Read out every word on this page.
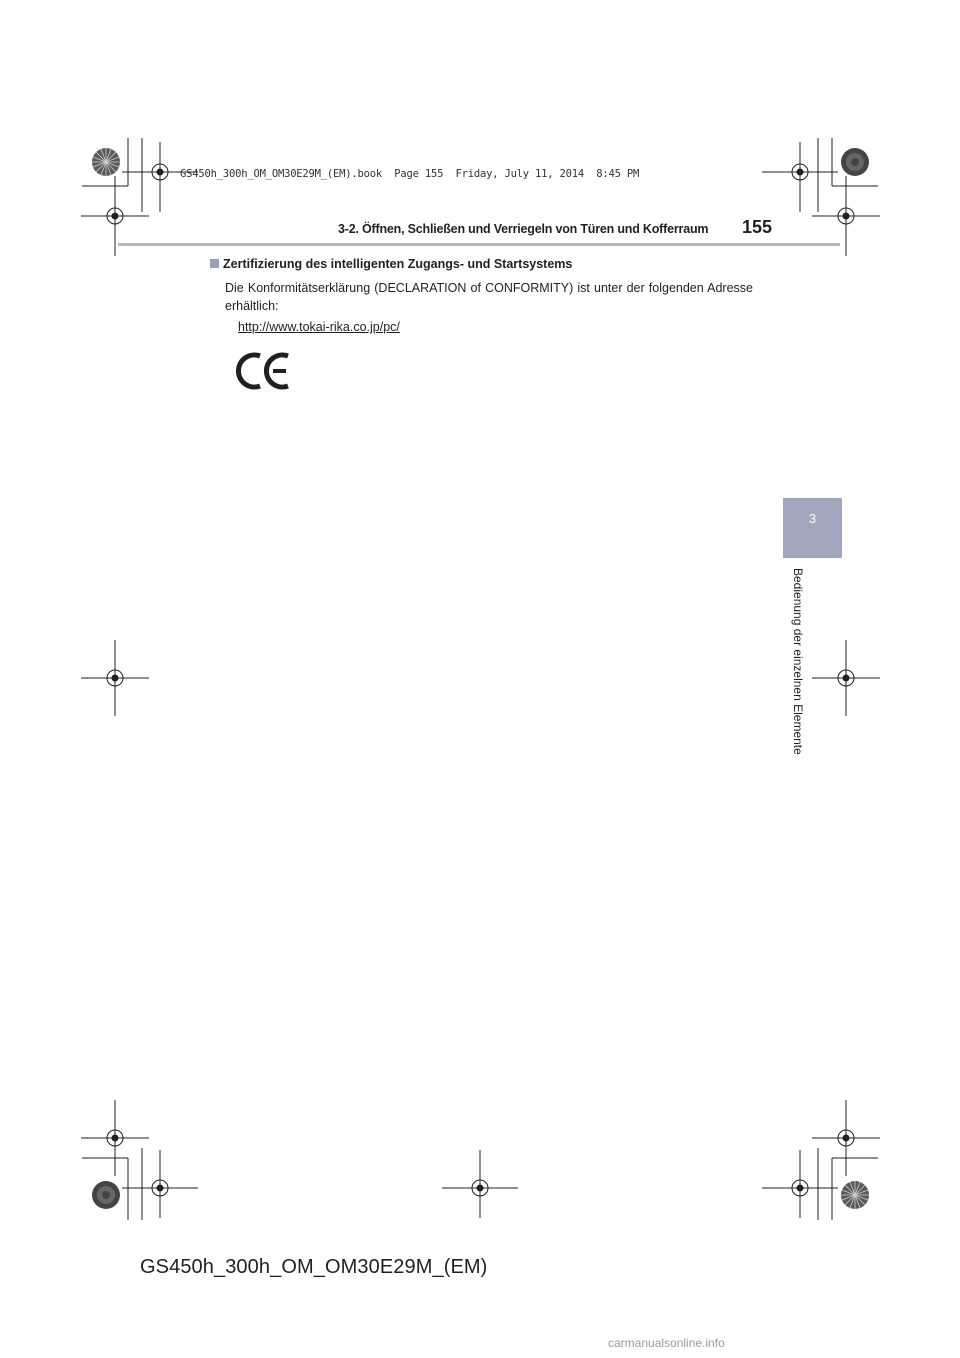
GS450h_300h_OM_OM30E29M_(EM).book  Page 155  Friday, July 11, 2014  8:45 PM
3-2. Öffnen, Schließen und Verriegeln von Türen und Kofferraum 155
Zertifizierung des intelligenten Zugangs- und Startsystems
Die Konformitätserklärung (DECLARATION of CONFORMITY) ist unter der folgenden Adresse erhältlich:
http://www.tokai-rika.co.jp/pc/
3
Bedienung der einzelnen Elemente
GS450h_300h_OM_OM30E29M_(EM)
carmanualsonline.info
